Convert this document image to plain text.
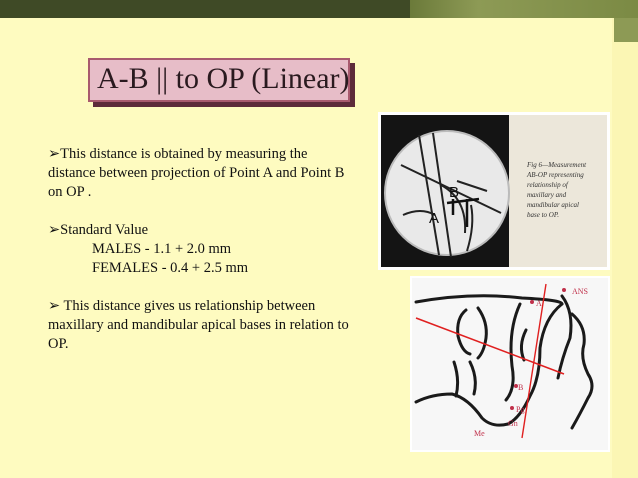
A-B || to OP (Linear)

➢This distance is obtained by measuring the distance between projection of Point A and Point B on OP .

➢Standard Value

MALES - 1.1 + 2.0 mm

FEMALES - 0.4 + 2.5 mm

➢ This distance gives us relationship between maxillary and mandibular apical bases in relation to OP.

B
A
Fig 6—Measurement
AB-OP representing
relationship of
maxillary and
mandibular apical
base to OP.
ANS
A
B
Pg
Gn
Me
